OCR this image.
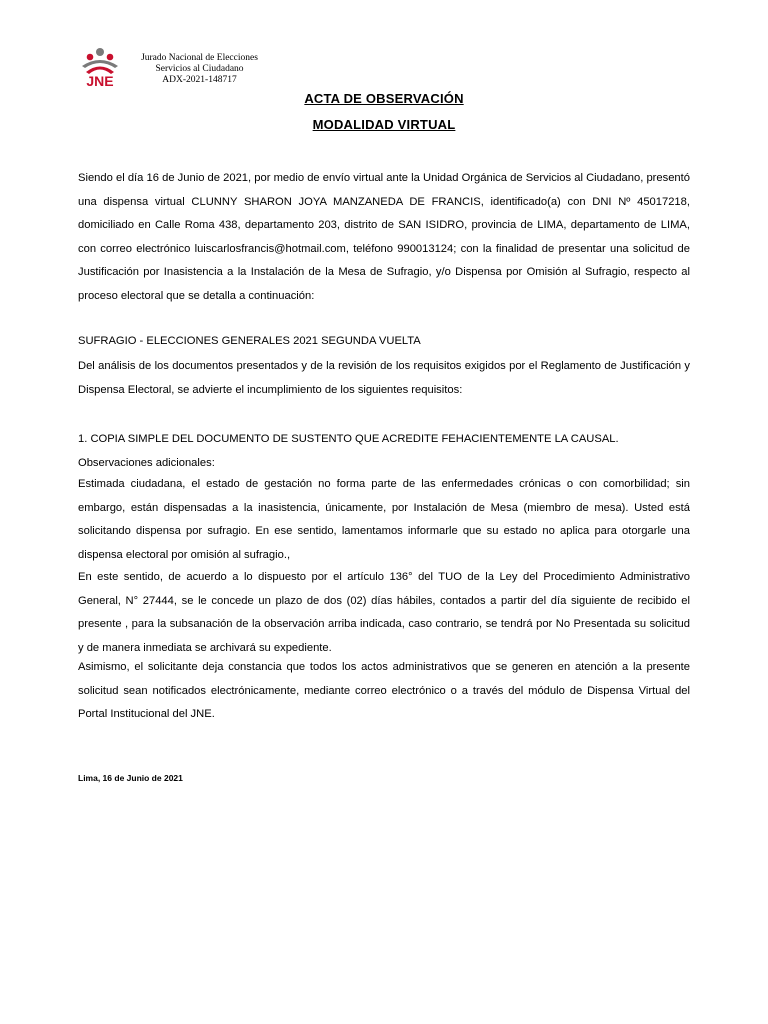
JNE
Jurado Nacional de Elecciones
Servicios al Ciudadano
ADX-2021-148717
ACTA DE OBSERVACIÓN
MODALIDAD VIRTUAL

Siendo el día 16 de Junio de 2021, por medio de envío virtual ante la Unidad Orgánica de Servicios al Ciudadano, presentó una dispensa virtual CLUNNY SHARON JOYA MANZANEDA DE FRANCIS, identificado(a) con DNI Nº 45017218, domiciliado en Calle Roma 438, departamento 203, distrito de SAN ISIDRO, provincia de LIMA, departamento de LIMA, con correo electrónico luiscarlosfrancis@hotmail.com, teléfono 990013124; con la finalidad de presentar una solicitud de Justificación por Inasistencia a la Instalación de la Mesa de Sufragio, y/o Dispensa por Omisión al Sufragio, respecto al proceso electoral que se detalla a continuación:

SUFRAGIO - ELECCIONES GENERALES 2021 SEGUNDA VUELTA

Del análisis de los documentos presentados y de la revisión de los requisitos exigidos por el Reglamento de Justificación y Dispensa Electoral, se advierte el incumplimiento de los siguientes requisitos:

1. COPIA SIMPLE DEL DOCUMENTO DE SUSTENTO QUE ACREDITE FEHACIENTEMENTE LA CAUSAL.
Observaciones adicionales:

Estimada ciudadana, el estado de gestación no forma parte de las enfermedades crónicas o con comorbilidad; sin embargo, están dispensadas a la inasistencia, únicamente, por Instalación de Mesa (miembro de mesa). Usted está solicitando dispensa por sufragio. En ese sentido, lamentamos informarle que su estado no aplica para otorgarle una dispensa electoral por omisión al sufragio.,

En este sentido, de acuerdo a lo dispuesto por el artículo 136° del TUO de la Ley del Procedimiento Administrativo General, N° 27444, se le concede un plazo de dos (02) días hábiles, contados a partir del día siguiente de recibido el presente , para la subsanación de la observación arriba indicada, caso contrario, se tendrá por No Presentada su solicitud y de manera inmediata se archivará su expediente.

Asimismo, el solicitante deja constancia que todos los actos administrativos que se generen en atención a la presente solicitud sean notificados electrónicamente, mediante correo electrónico o a través del módulo de Dispensa Virtual del Portal Institucional del JNE.

Lima, 16 de Junio de 2021
